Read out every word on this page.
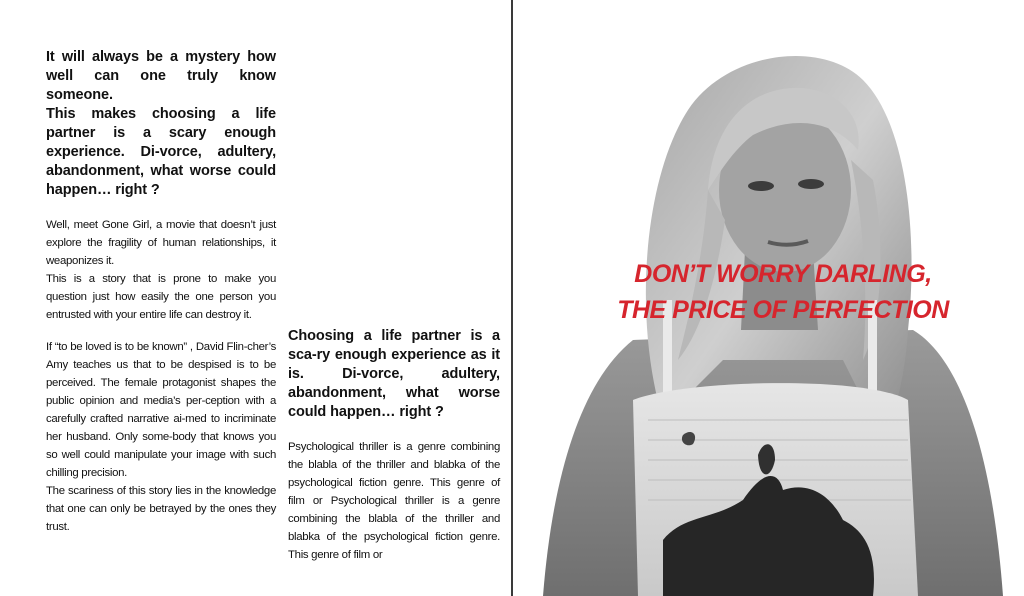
It will always be a mystery how well can one truly know someone.
This makes choosing a life partner is a scary enough experience. Di-vorce, adultery, abandonment, what worse could happen… right ?

Well, meet Gone Girl, a movie that doesn’t just explore the fragility of human relationships, it weaponizes it.
This is a story that is prone to make you question just how easily the one person you entrusted with your entire life can destroy it.

If “to be loved is to be known” , David Flin-cher’s Amy teaches us that to be despised is to be perceived. The female protagonist shapes the public opinion and media’s per-ception with a carefully crafted narrative ai-med to incriminate her husband. Only some-body that knows you so well could manipulate your image with such chilling precision.
The scariness of this story lies in the knowledge that one can only be betrayed by the ones they trust.

Choosing a life partner is a sca-ry enough experience as it is. Di-vorce, adultery, abandonment, what worse could happen… right ?

Psychological thriller is a genre combining the blabla of the thriller and blabka of the psychological fiction genre. This genre of film or Psychological thriller is a genre combining the blabla of the thriller and blabka of the psychological fiction genre. This genre of film or

DON’T WORRY DARLING,
THE PRICE OF PERFECTION
